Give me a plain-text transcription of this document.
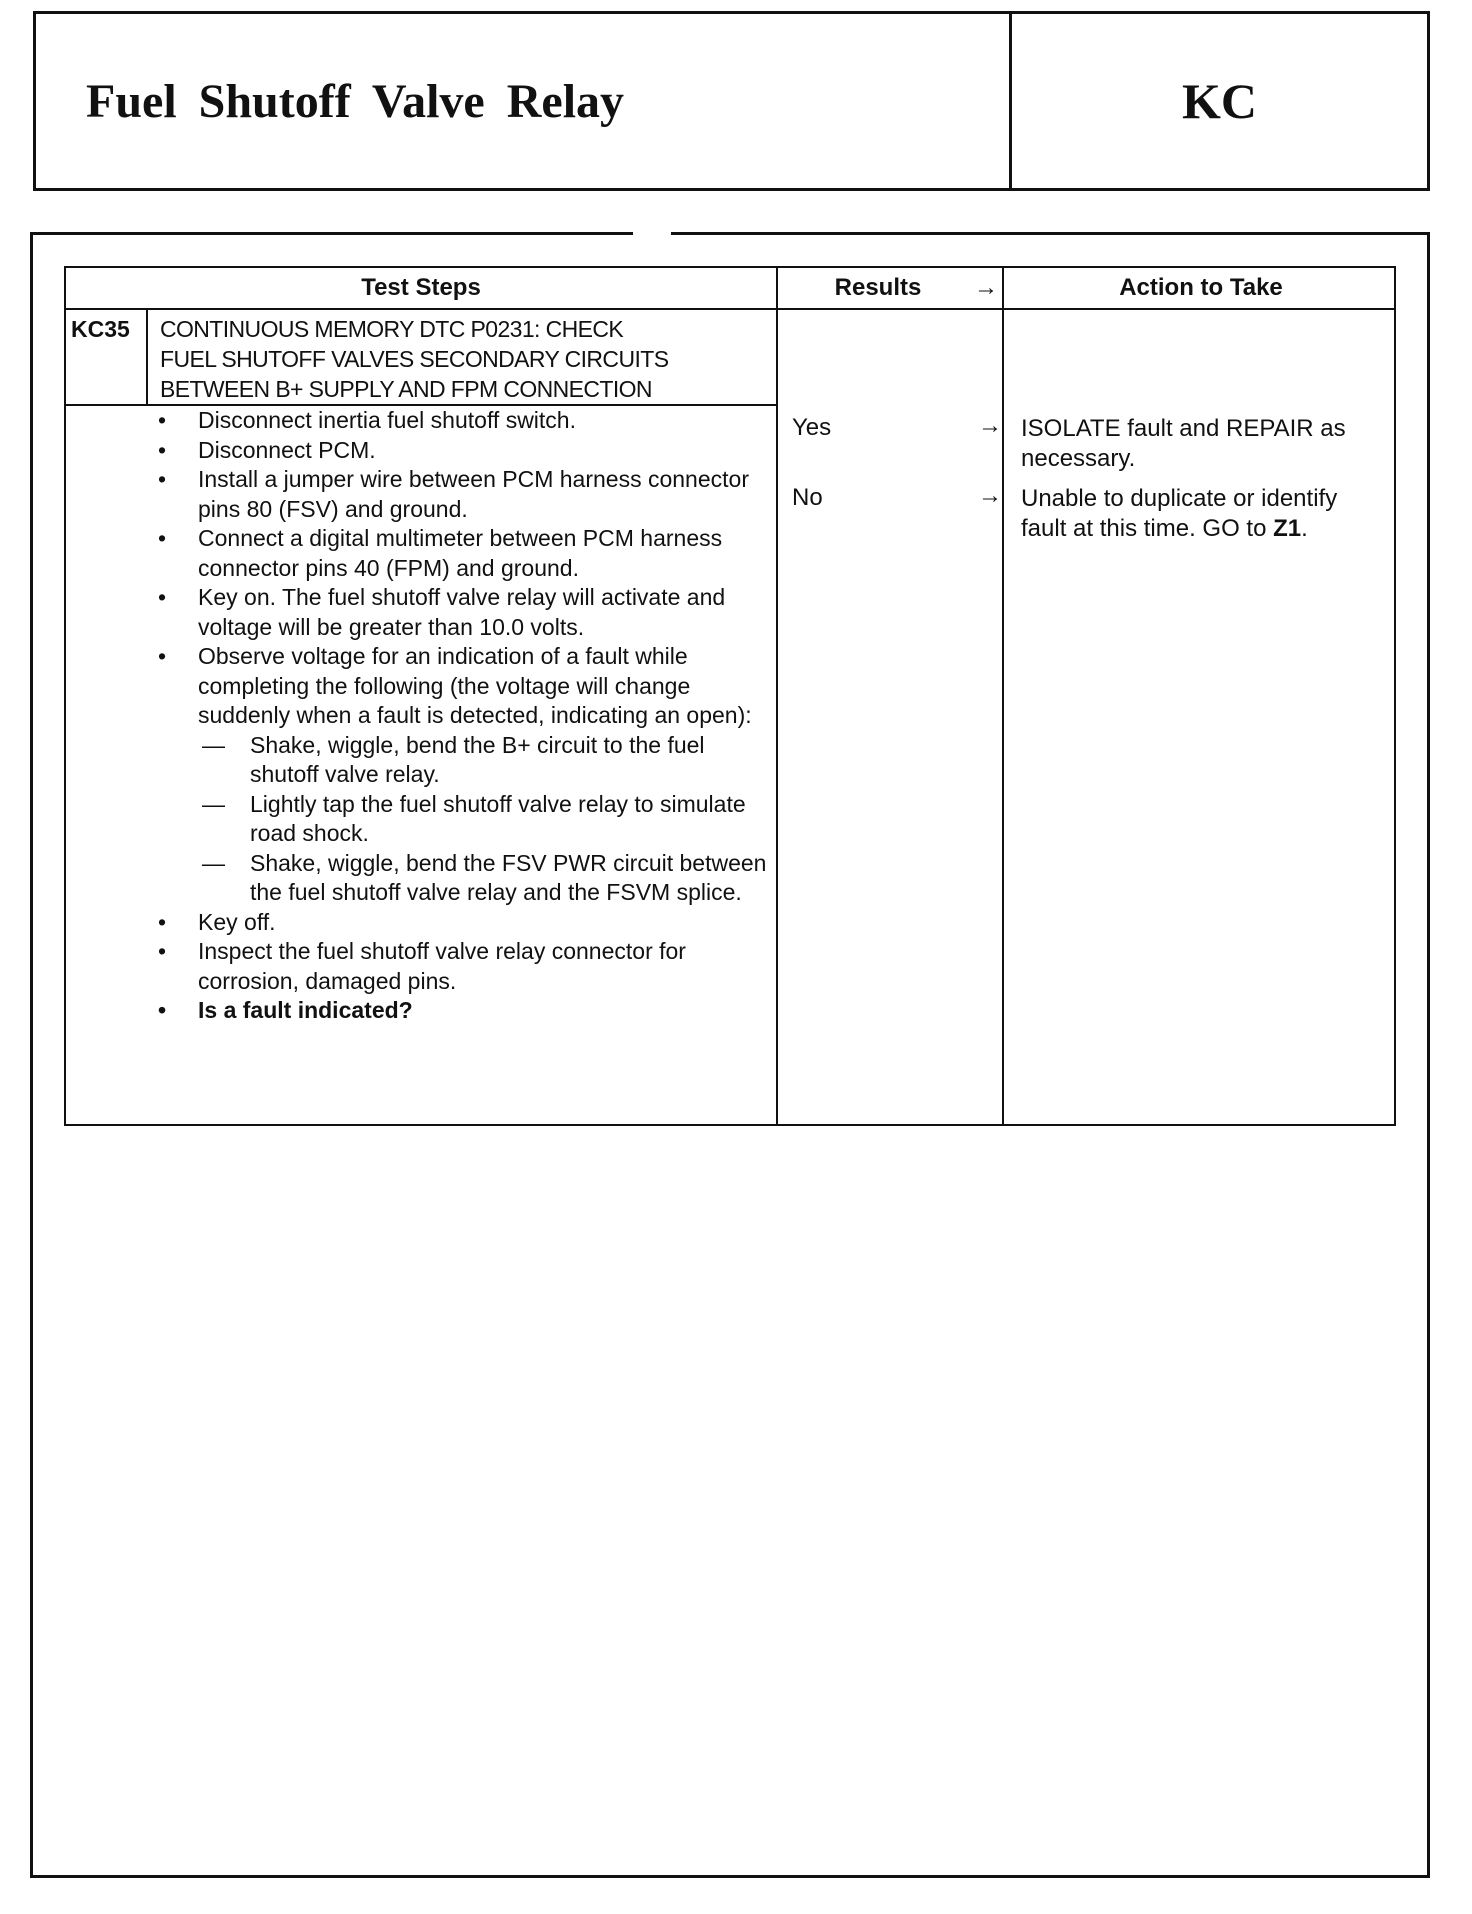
Fuel Shutoff Valve Relay	KC
Test Steps	Results	→	Action to Take
KC35 CONTINUOUS MEMORY DTC P0231: CHECK
FUEL SHUTOFF VALVES SECONDARY CIRCUITS
BETWEEN B+ SUPPLY AND FPM CONNECTION
• Disconnect inertia fuel shutoff switch.
• Disconnect PCM.
• Install a jumper wire between PCM harness connector pins 80 (FSV) and ground.
• Connect a digital multimeter between PCM harness connector pins 40 (FPM) and ground.
• Key on. The fuel shutoff valve relay will activate and voltage will be greater than 10.0 volts.
• Observe voltage for an indication of a fault while completing the following (the voltage will change suddenly when a fault is detected, indicating an open):
— Shake, wiggle, bend the B+ circuit to the fuel shutoff valve relay.
— Lightly tap the fuel shutoff valve relay to simulate road shock.
— Shake, wiggle, bend the FSV PWR circuit between the fuel shutoff valve relay and the FSVM splice.
• Key off.
• Inspect the fuel shutoff valve relay connector for corrosion, damaged pins.
• Is a fault indicated?
Yes	→ ISOLATE fault and REPAIR as
necessary.
No	→ Unable to duplicate or identify
fault at this time. GO to Z1.
